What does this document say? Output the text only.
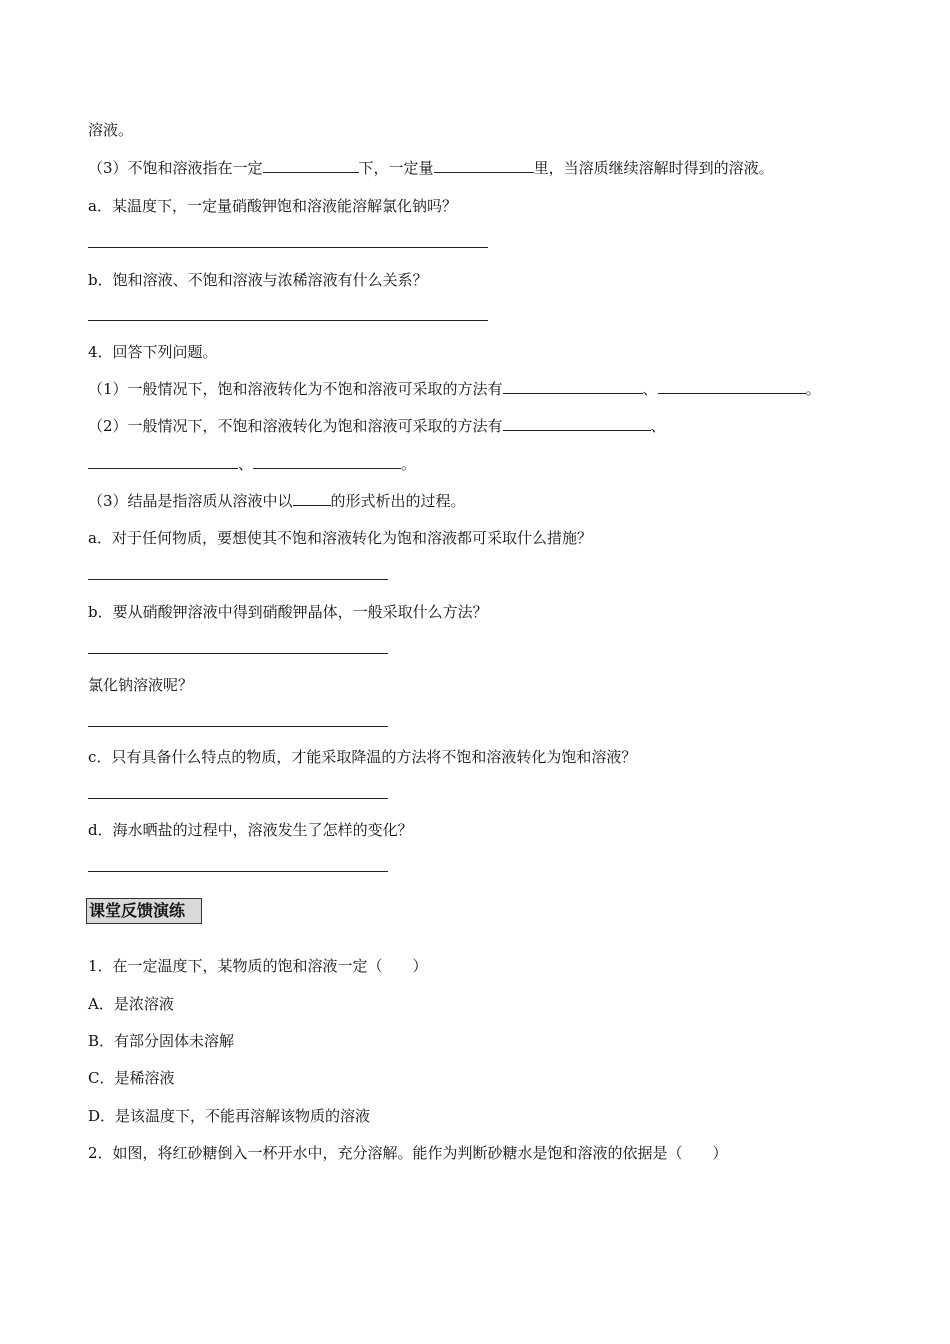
溶液。
（3）不饱和溶液指在一定	下，一定量	里，当溶质继续溶解时得到的溶液。
a．某温度下，一定量硝酸钾饱和溶液能溶解氯化钠吗？
b．饱和溶液、不饱和溶液与浓稀溶液有什么关系？
4．回答下列问题。
（1）一般情况下，饱和溶液转化为不饱和溶液可采取的方法有	、	。
（2）一般情况下，不饱和溶液转化为饱和溶液可采取的方法有	、
、	。
（3）结晶是指溶质从溶液中以	的形式析出的过程。
a．对于任何物质，要想使其不饱和溶液转化为饱和溶液都可采取什么措施？
b．要从硝酸钾溶液中得到硝酸钾晶体，一般采取什么方法？
氯化钠溶液呢？
c．只有具备什么特点的物质，才能采取降温的方法将不饱和溶液转化为饱和溶液？
d．海水晒盐的过程中，溶液发生了怎样的变化？
课堂反馈演练
1．在一定温度下，某物质的饱和溶液一定（　　）
A．是浓溶液
B．有部分固体未溶解
C．是稀溶液
D．是该温度下，不能再溶解该物质的溶液
2．如图，将红砂糖倒入一杯开水中，充分溶解。能作为判断砂糖水是饱和溶液的依据是（　　）
